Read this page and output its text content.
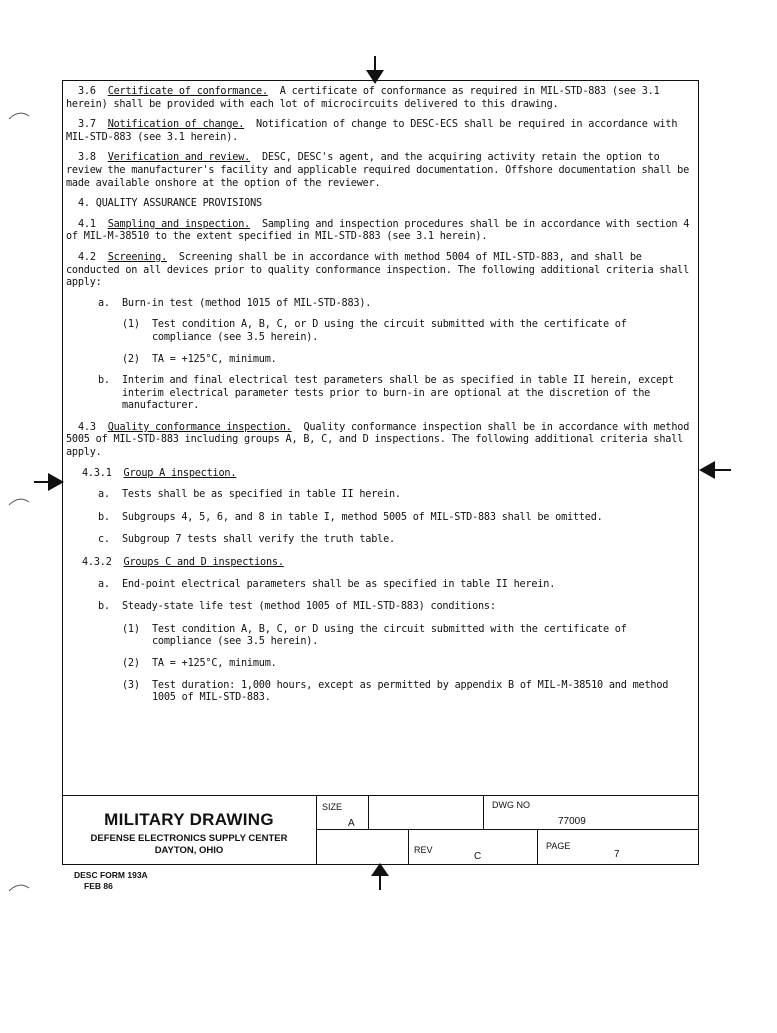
3.6 Certificate of conformance. A certificate of conformance as required in MIL-STD-883 (see 3.1 herein) shall be provided with each lot of microcircuits delivered to this drawing.

3.7 Notification of change. Notification of change to DESC-ECS shall be required in accordance with MIL-STD-883 (see 3.1 herein).

3.8 Verification and review. DESC, DESC's agent, and the acquiring activity retain the option to review the manufacturer's facility and applicable required documentation. Offshore documentation shall be made available onshore at the option of the reviewer.

4. QUALITY ASSURANCE PROVISIONS

4.1 Sampling and inspection. Sampling and inspection procedures shall be in accordance with section 4 of MIL-M-38510 to the extent specified in MIL-STD-883 (see 3.1 herein).

4.2 Screening. Screening shall be in accordance with method 5004 of MIL-STD-883, and shall be conducted on all devices prior to quality conformance inspection. The following additional criteria shall apply:

a.	Burn-in test (method 1015 of MIL-STD-883).
(1)	Test condition A, B, C, or D using the circuit submitted with the certificate of compliance (see 3.5 herein).
(2)	TA = +125°C, minimum.
b.	Interim and final electrical test parameters shall be as specified in table II herein, except interim electrical parameter tests prior to burn-in are optional at the discretion of the manufacturer.

4.3 Quality conformance inspection. Quality conformance inspection shall be in accordance with method 5005 of MIL-STD-883 including groups A, B, C, and D inspections. The following additional criteria shall apply.

4.3.1 Group A inspection.
a.	Tests shall be as specified in table II herein.
b.	Subgroups 4, 5, 6, and 8 in table I, method 5005 of MIL-STD-883 shall be omitted.
c.	Subgroup 7 tests shall verify the truth table.
4.3.2 Groups C and D inspections.
a.	End-point electrical parameters shall be as specified in table II herein.
b.	Steady-state life test (method 1005 of MIL-STD-883) conditions:
(1)	Test condition A, B, C, or D using the circuit submitted with the certificate of compliance (see 3.5 herein).
(2)	TA = +125°C, minimum.
(3)	Test duration: 1,000 hours, except as permitted by appendix B of MIL-M-38510 and method 1005 of MIL-STD-883.
MILITARY DRAWING
DEFENSE ELECTRONICS SUPPLY CENTER
DAYTON, OHIO
SIZE
A
DWG NO
77009
REV
C
PAGE
7
DESC FORM 193A
FEB 86
